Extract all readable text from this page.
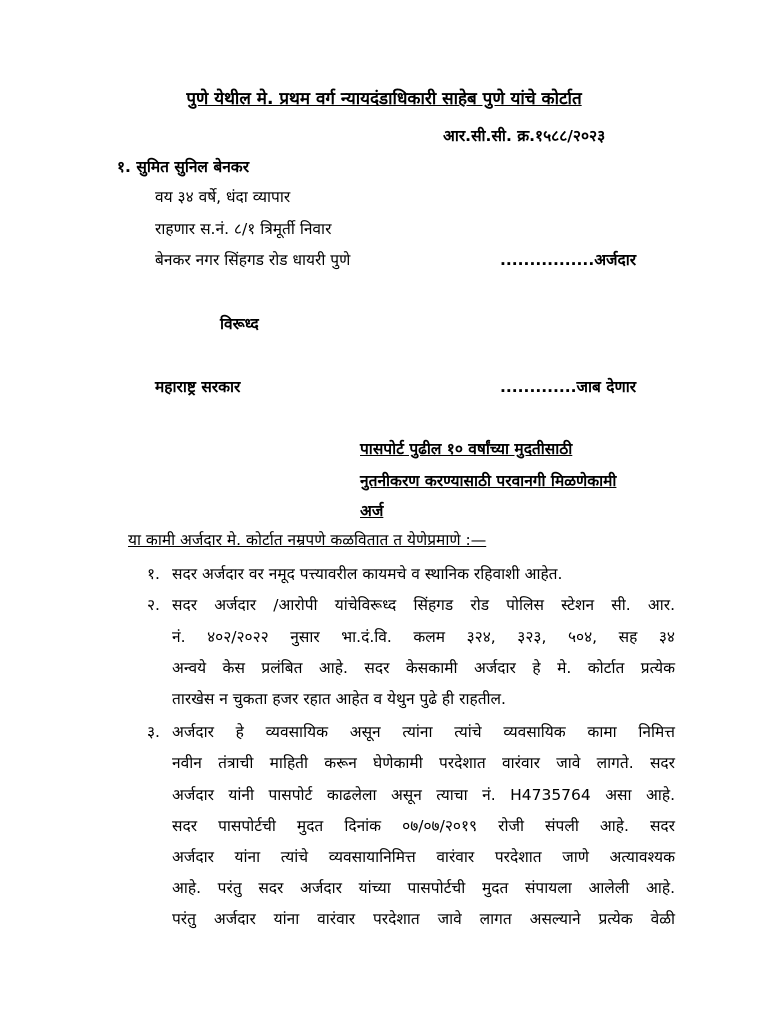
पुणे येथील मे. प्रथम वर्ग न्यायदंडाधिकारी साहेब पुणे यांचे कोर्टात

आर.सी.सी. क्र.१५८८/२०२३

१. सुमित सुनिल बेनकर

वय ३४ वर्षे, धंदा व्यापार

राहणार स.नं. ८/१ त्रिमूर्ती निवार

बेनकर नगर सिंहगड रोड धायरी पुणे	................अर्जदार

विरूध्द

महाराष्ट्र सरकार	.............जाब देणार

पासपोर्ट पुढील १० वर्षांच्या मुदतीसाठी

नुतनीकरण करण्यासाठी परवानगी मिळणेकामी

अर्ज

या कामी अर्जदार मे. कोर्टात नम्रपणे कळवितात त येणेप्रमाणे :—

१. सदर अर्जदार वर नमूद पत्त्यावरील कायमचे व स्थानिक रहिवाशी आहेत.

२. सदर अर्जदार /आरोपी यांचेविरूध्द सिंहगड रोड पोलिस स्टेशन सी. आर.

नं. ४०२/२०२२ नुसार भा.दं.वि. कलम ३२४, ३२३, ५०४, सह ३४

अन्वये केस प्रलंबित आहे. सदर केसकामी अर्जदार हे मे. कोर्टात प्रत्येक

तारखेस न चुकता हजर रहात आहेत व येथुन पुढे ही राहतील.

३. अर्जदार हे व्यवसायिक असून त्यांना त्यांचे व्यवसायिक कामा निमित्त

नवीन तंत्राची माहिती करून घेणेकामी परदेशात वारंवार जावे लागते. सदर

अर्जदार यांनी पासपोर्ट काढलेला असून त्याचा नं. H4735764 असा आहे.

सदर पासपोर्टची मुदत दिनांक ०७/०७/२०१९ रोजी संपली आहे. सदर

अर्जदार यांना त्यांचे व्यवसायानिमित्त वारंवार परदेशात जाणे अत्यावश्यक

आहे. परंतु सदर अर्जदार यांच्या पासपोर्टची मुदत संपायला आलेली आहे.

परंतु अर्जदार यांना वारंवार परदेशात जावे लागत असल्याने प्रत्येक वेळी
